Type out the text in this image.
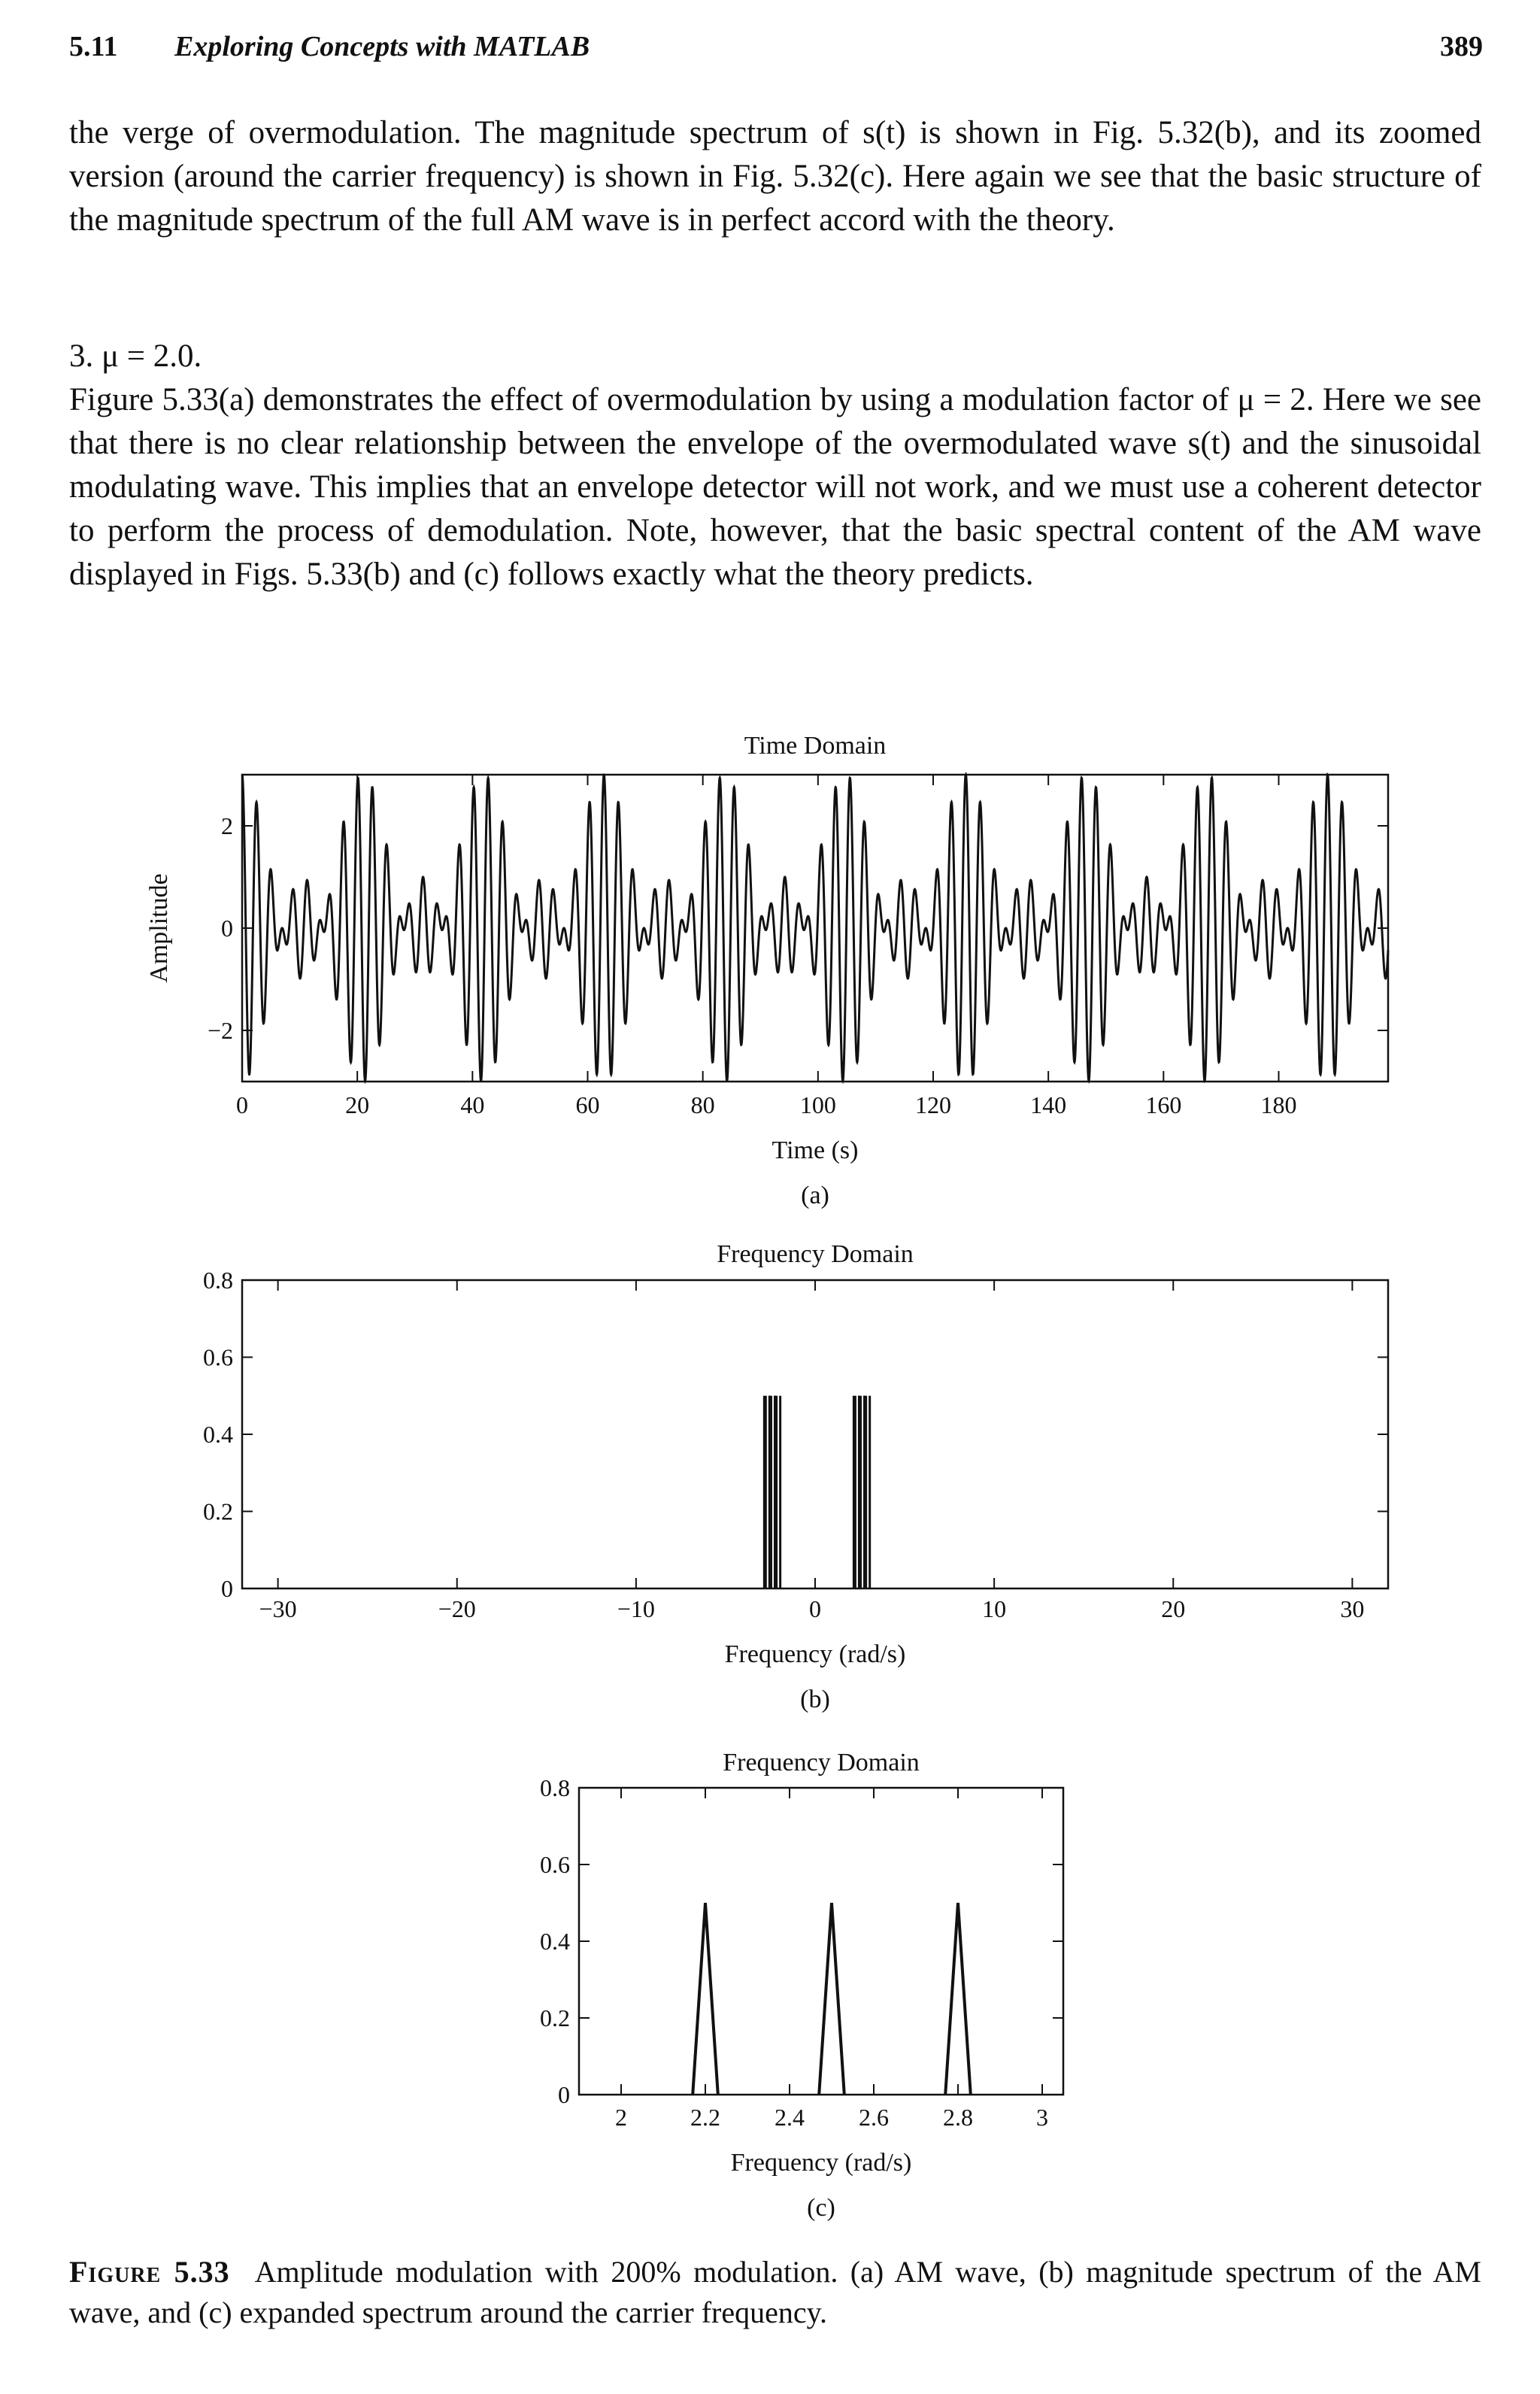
5.11 Exploring Concepts with MATLAB	389
the verge of overmodulation. The magnitude spectrum of s(t) is shown in Fig. 5.32(b), and its zoomed version (around the carrier frequency) is shown in Fig. 5.32(c). Here again we see that the basic structure of the magnitude spectrum of the full AM wave is in perfect accord with the theory.
3. μ = 2.0.
Figure 5.33(a) demonstrates the effect of overmodulation by using a modulation factor of μ = 2. Here we see that there is no clear relationship between the envelope of the overmodulated wave s(t) and the sinusoidal modulating wave. This implies that an envelope detector will not work, and we must use a coherent detector to perform the process of demodulation. Note, however, that the basic spectral content of the AM wave displayed in Figs. 5.33(b) and (c) follows exactly what the theory predicts.
Time Domain
0	20	40	60	80	100	120	140	160	180
−2
0
2
Time (s)
(a)
Amplitude
Frequency Domain
−30	−20	−10	0	10	20	30
0
0.2
0.4
0.6
0.8
Frequency (rad/s)
(b)
Frequency Domain
2	2.2 2.4 2.6 2.8	3
0
0.2
0.4
0.6
0.8
Frequency (rad/s)
(c)
Figure 5.33 Amplitude modulation with 200% modulation. (a) AM wave, (b) magnitude spectrum of the AM wave, and (c) expanded spectrum around the carrier frequency.
